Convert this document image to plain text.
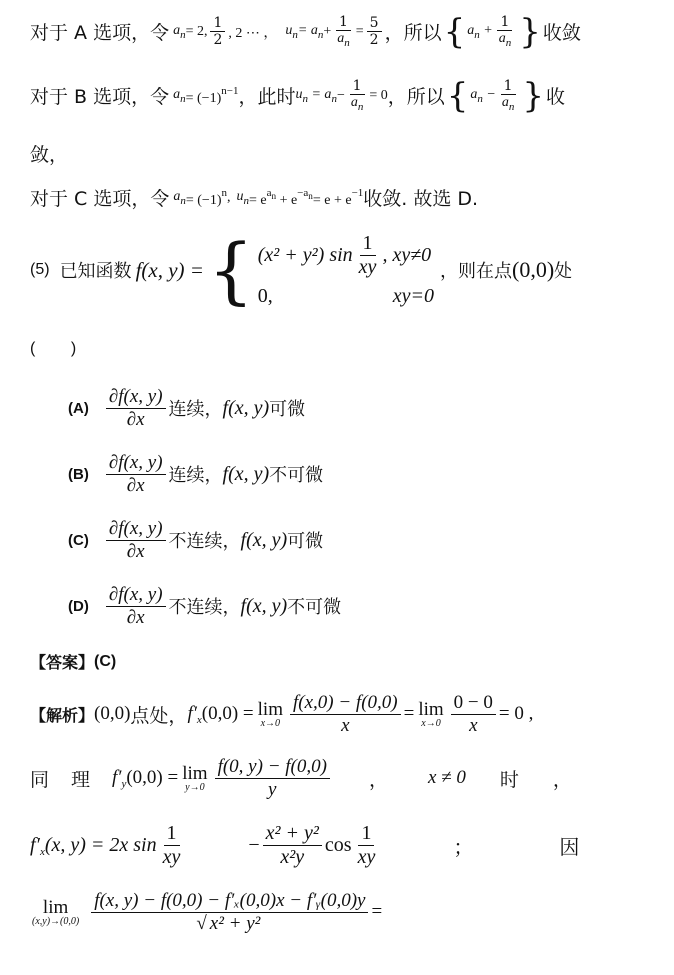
对于 A 选项，令 $a_n = 2$, $\frac{1}{2}$ , 2 ⋯ ， $u_n = a_n + \frac{1}{a_n} = \frac{5}{2}$ ，所以 { $a_n + \frac{1}{a_n}$ } 收敛
对于 B 选项，令 $a_n = (-1)^{n-1}$ ，此时 $u_n = a_n - \frac{1}{a_n} = 0$ ，所以 { $a_n - \frac{1}{a_n}$ } 收
敛，
对于 C 选项，令 $a_n = (-1)^n$ , $u_n = e^{a_n} + e^{-a_n} = e + e^{-1}$ 收敛. 故选 D.
(5) 已知函数 f(x, y) = { (x² + y²) $\sin \frac{1}{xy}$ , xy≠0
0,	xy=0
，则在点 (0,0) 处
(        )
$(A) \frac{\partial f(x, y)}{\partial x}$ 连续， f(x, y) 可微
$(B) \frac{\partial f(x, y)}{\partial x}$ 连续， f(x, y) 不可微
$(C) \frac{\partial f(x, y)}{\partial x}$ 不连续， f(x, y) 可微
$(D) \frac{\partial f(x, y)}{\partial x}$ 不连续， f(x, y) 不可微
【答案】 (C)
【解析】 (0,0) 点处， $f'_x$ (0,0) = lim
$x\to 0 \frac{f(x,0) - f(0,0)}{x} = \lim$
$x\to 0 \frac{0 - 0}{x} = 0$ ,
同 理 $f'_y$ (0,0) = lim
$y\to 0 \frac{f(0, y) - f(0,0)}{y}$ ， x ≠ 0 时 ，
$f'_x$ (x, y) = 2x $\sin \frac{1}{xy}$	− $\frac{\text{x² + y²}}{\text{x²y}}$ $\cos \frac{1}{xy}$	；	因
lim
$(x,y)\to(0,0) \frac{\text{f(x, y) − f(0,0) − f′ₓ(0,0)x − f′ᵧ(0,0)y}}{\text{√ x² + y²}}$ =
